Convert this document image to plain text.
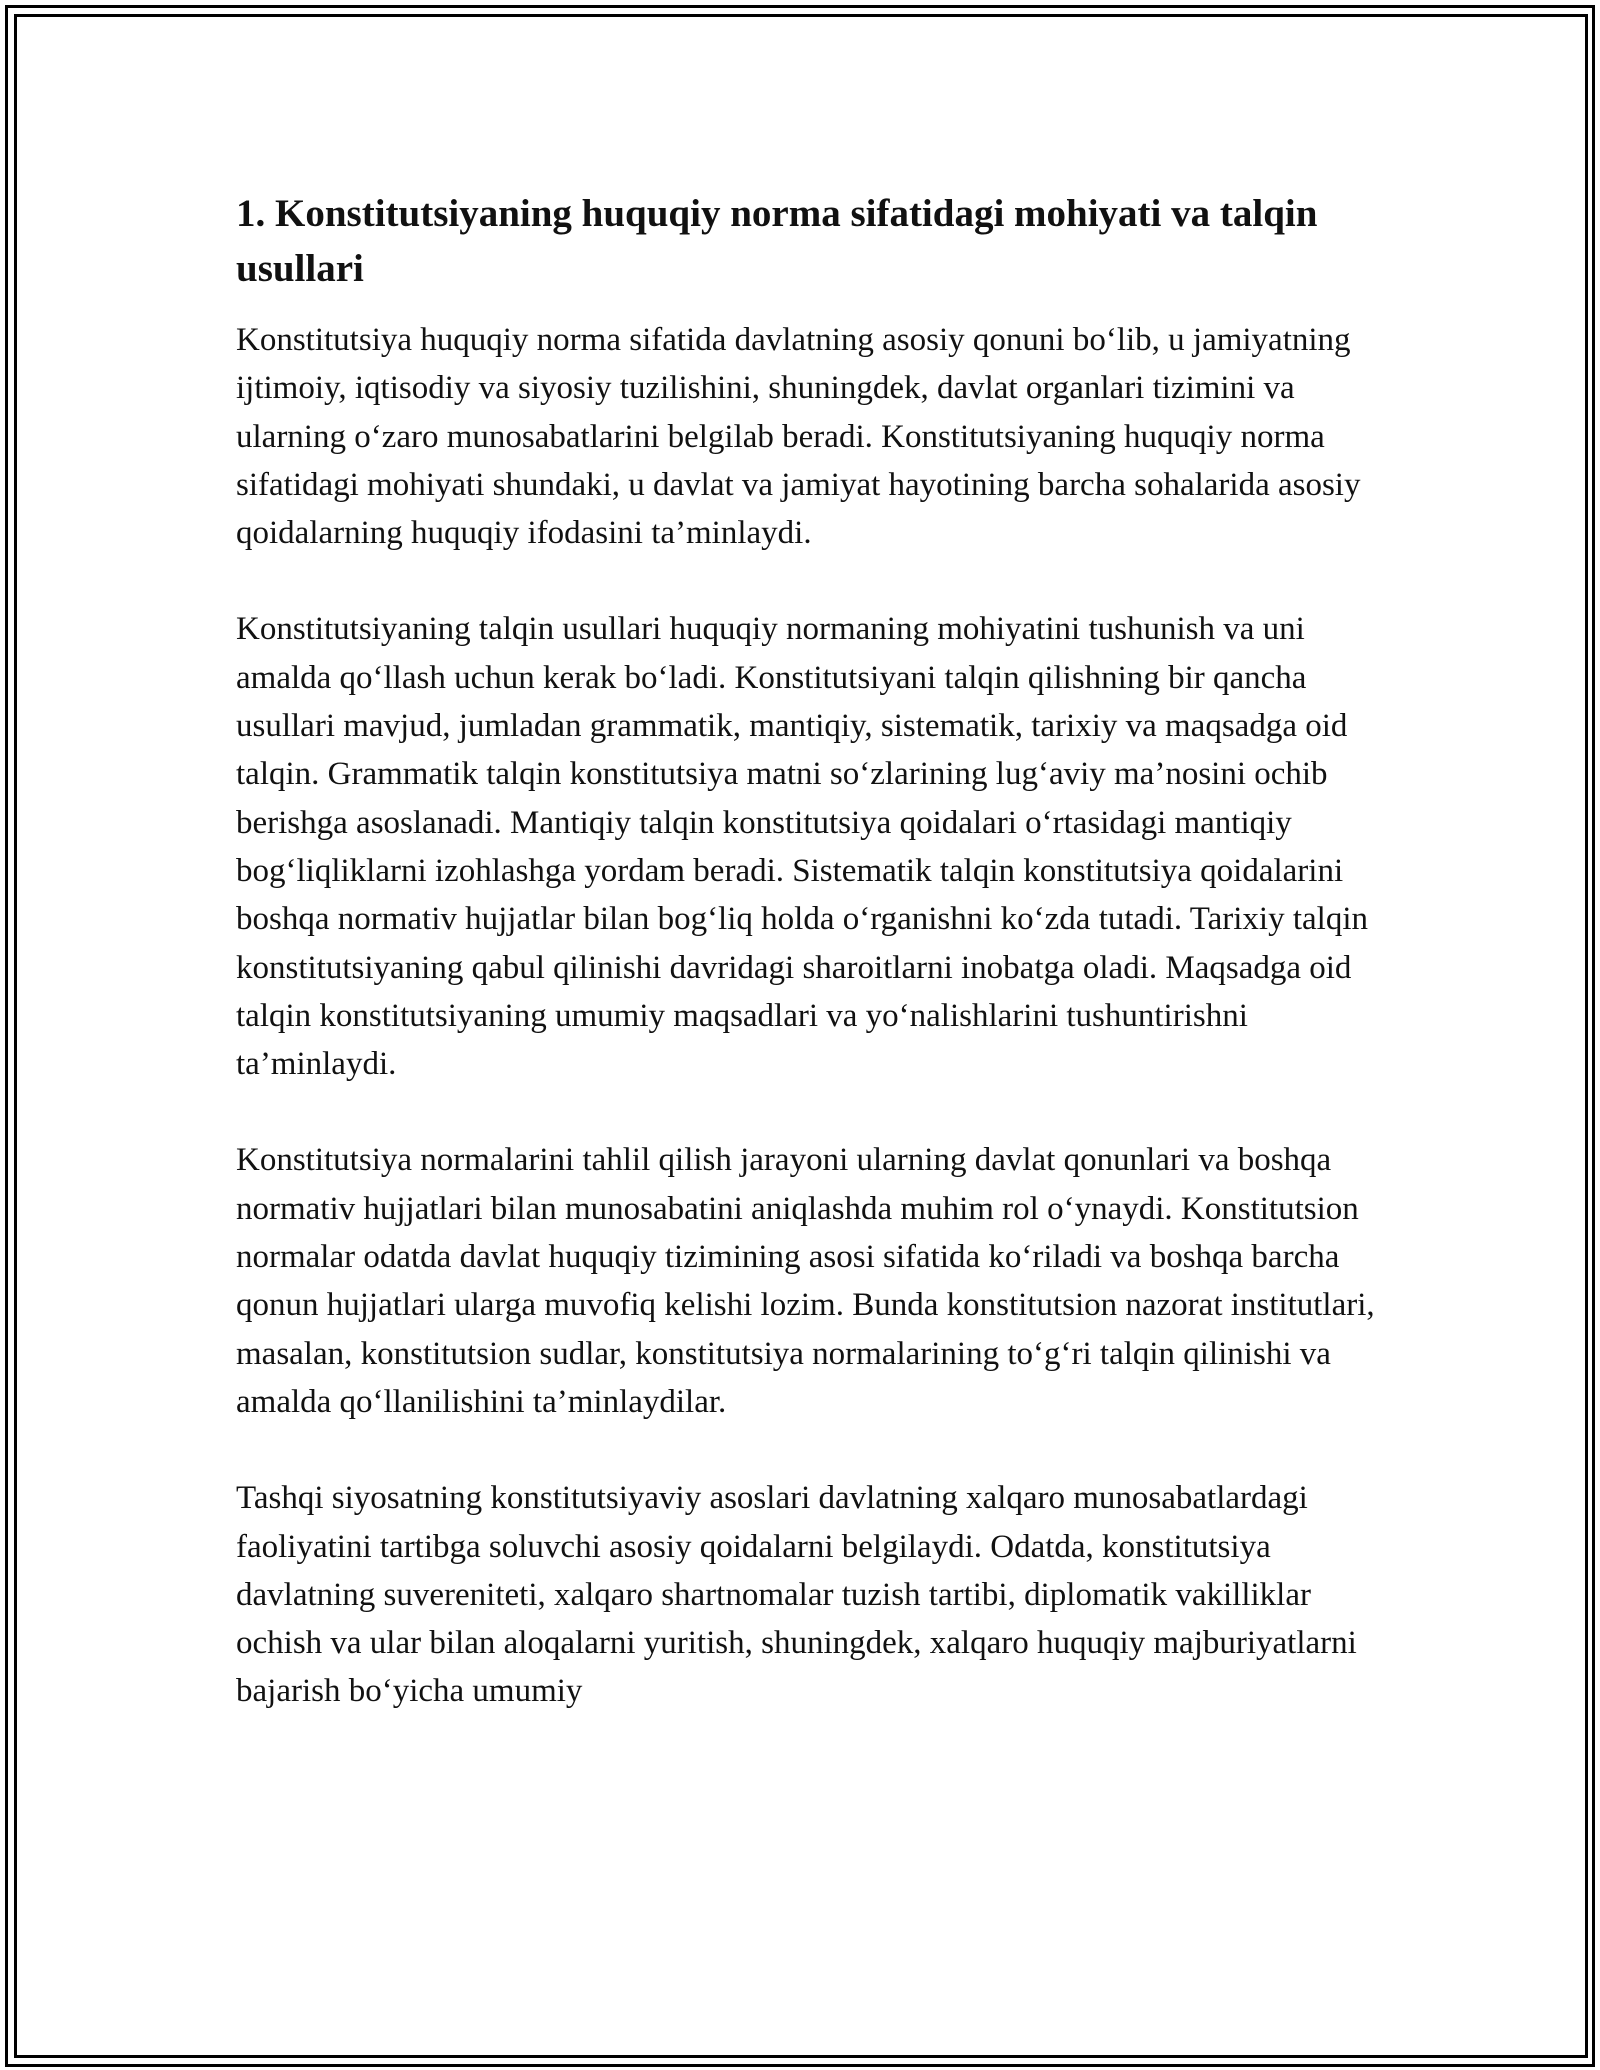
1. Konstitutsiyaning huquqiy norma sifatidagi mohiyati va talqin usullari

Konstitutsiya huquqiy norma sifatida davlatning asosiy qonuni bo‘lib, u jamiyatning ijtimoiy, iqtisodiy va siyosiy tuzilishini, shuningdek, davlat organlari tizimini va ularning o‘zaro munosabatlarini belgilab beradi. Konstitutsiyaning huquqiy norma sifatidagi mohiyati shundaki, u davlat va jamiyat hayotining barcha sohalarida asosiy qoidalarning huquqiy ifodasini ta’minlaydi.

Konstitutsiyaning talqin usullari huquqiy normaning mohiyatini tushunish va uni amalda qo‘llash uchun kerak bo‘ladi. Konstitutsiyani talqin qilishning bir qancha usullari mavjud, jumladan grammatik, mantiqiy, sistematik, tarixiy va maqsadga oid talqin. Grammatik talqin konstitutsiya matni so‘zlarining lug‘aviy ma’nosini ochib berishga asoslanadi. Mantiqiy talqin konstitutsiya qoidalari o‘rtasidagi mantiqiy bog‘liqliklarni izohlashga yordam beradi. Sistematik talqin konstitutsiya qoidalarini boshqa normativ hujjatlar bilan bog‘liq holda o‘rganishni ko‘zda tutadi. Tarixiy talqin konstitutsiyaning qabul qilinishi davridagi sharoitlarni inobatga oladi. Maqsadga oid talqin konstitutsiyaning umumiy maqsadlari va yo‘nalishlarini tushuntirishni ta’minlaydi.

Konstitutsiya normalarini tahlil qilish jarayoni ularning davlat qonunlari va boshqa normativ hujjatlari bilan munosabatini aniqlashda muhim rol o‘ynaydi. Konstitutsion normalar odatda davlat huquqiy tizimining asosi sifatida ko‘riladi va boshqa barcha qonun hujjatlari ularga muvofiq kelishi lozim. Bunda konstitutsion nazorat institutlari, masalan, konstitutsion sudlar, konstitutsiya normalarining to‘g‘ri talqin qilinishi va amalda qo‘llanilishini ta’minlaydilar.

Tashqi siyosatning konstitutsiyaviy asoslari davlatning xalqaro munosabatlardagi faoliyatini tartibga soluvchi asosiy qoidalarni belgilaydi. Odatda, konstitutsiya davlatning suvereniteti, xalqaro shartnomalar tuzish tartibi, diplomatik vakilliklar ochish va ular bilan aloqalarni yuritish, shuningdek, xalqaro huquqiy majburiyatlarni bajarish bo‘yicha umumiy
